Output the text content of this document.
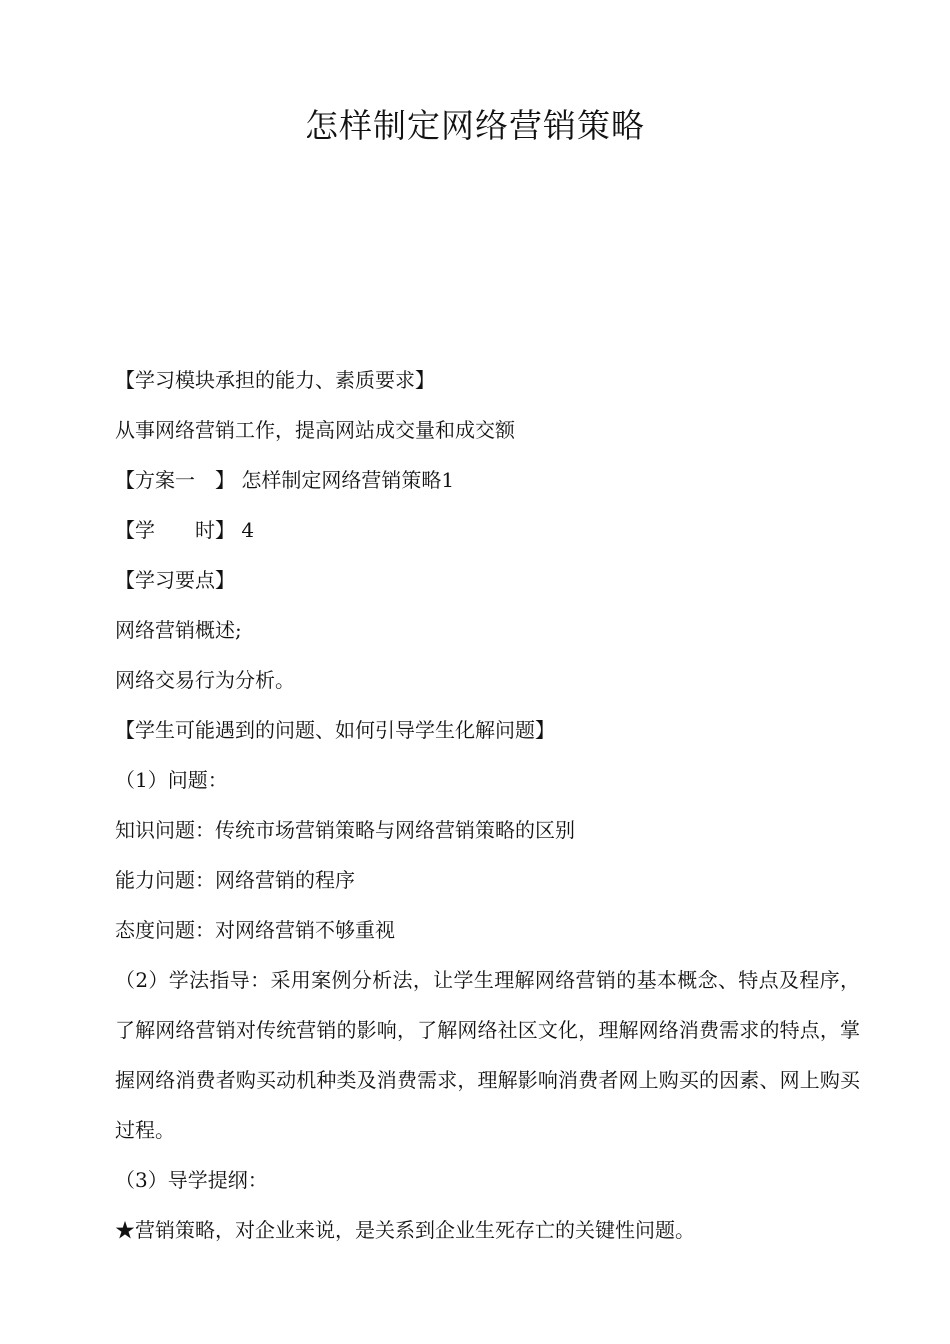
怎样制定网络营销策略
【学习模块承担的能力、素质要求】
从事网络营销工作，提高网站成交量和成交额
【方案一　】 怎样制定网络营销策略1
【学　　时】 4
【学习要点】
网络营销概述;
网络交易行为分析。
【学生可能遇到的问题、如何引导学生化解问题】
（1）问题：
知识问题：传统市场营销策略与网络营销策略的区别
能力问题：网络营销的程序
态度问题：对网络营销不够重视
（2）学法指导：采用案例分析法，让学生理解网络营销的基本概念、特点及程序，了解网络营销对传统营销的影响，了解网络社区文化，理解网络消费需求的特点，掌握网络消费者购买动机种类及消费需求，理解影响消费者网上购买的因素、网上购买过程。
（3）导学提纲：
★营销策略，对企业来说，是关系到企业生死存亡的关键性问题。
